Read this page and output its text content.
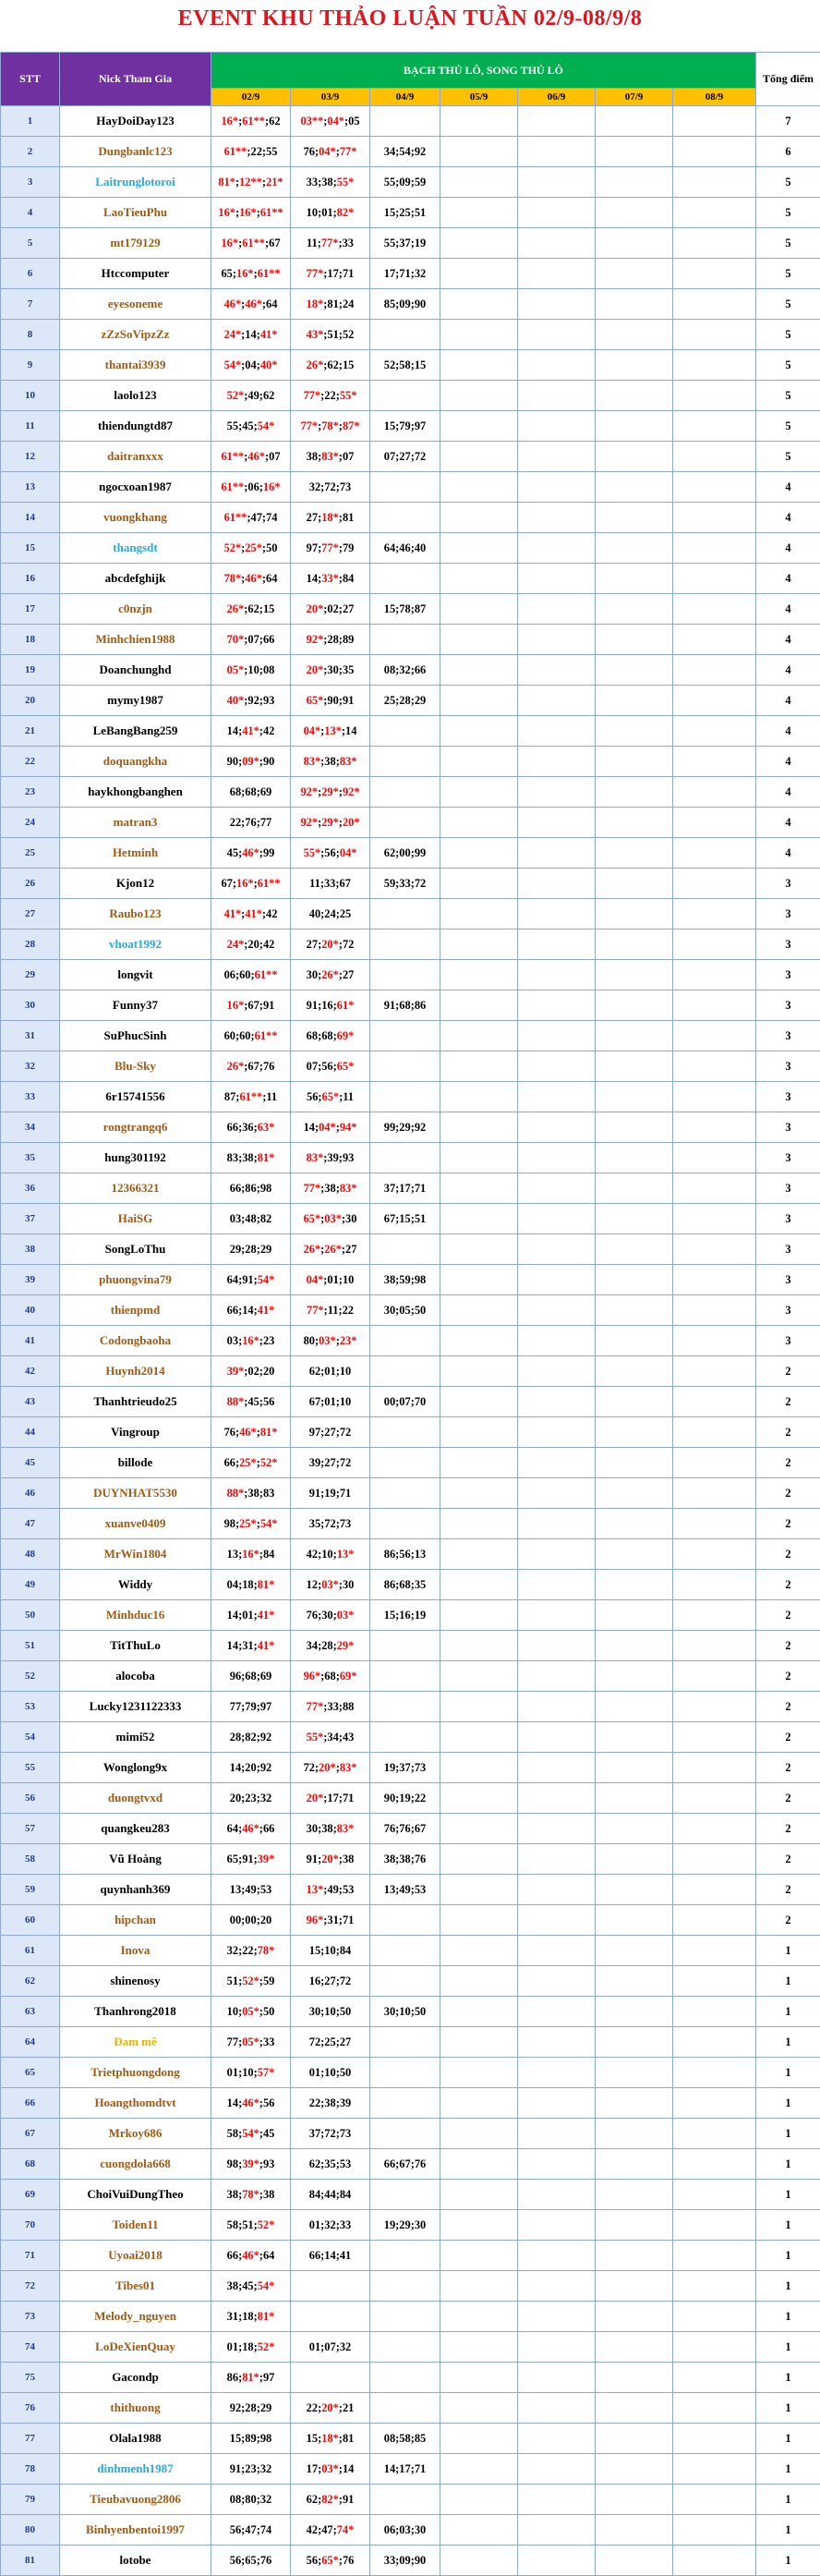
EVENT KHU THẢO LUẬN TUẦN 02/9-08/9/8
STT	Nick Tham Gia	BẠCH THỦ LÔ, SONG THỦ LÔ							Tổng điểm
		02/9	03/9	04/9	05/9	06/9	07/9	08/9	
1	HayDoiDay123	16*;61**;62	03**;04*;05						7
2	Dungbanlc123	61**;22;55	76;04*;77*	34;54;92					6
3	Laitrunglotoroi	81*;12**;21*	33;38;55*	55;09;59					5
4	LaoTieuPhu	16*;16*;61**	10;01;82*	15;25;51					5
5	mt179129	16*;61**;67	11;77*;33	55;37;19					5
6	Htccomputer	65;16*;61**	77*;17;71	17;71;32					5
7	eyesoneme	46*;46*;64	18*;81;24	85;09;90					5
8	zZzSoVipzZz	24*;14;41*	43*;51;52						5
9	thantai3939	54*;04;40*	26*;62;15	52;58;15					5
10	laolo123	52*;49;62	77*;22;55*						5
11	thiendungtd87	55;45;54*	77*;78*;87*	15;79;97					5
12	daitranxxx	61**;46*;07	38;83*;07	07;27;72					5
13	ngocxoan1987	61**;06;16*	32;72;73						4
14	vuongkhang	61**;47;74	27;18*;81						4
15	thangsdt	52*;25*;50	97;77*;79	64;46;40					4
16	abcdefghijk	78*;46*;64	14;33*;84						4
17	c0nzjn	26*;62;15	20*;02;27	15;78;87					4
18	Minhchien1988	70*;07;66	92*;28;89						4
19	Doanchunghd	05*;10;08	20*;30;35	08;32;66					4
20	mymy1987	40*;92;93	65*;90;91	25;28;29					4
21	LeBangBang259	14;41*;42	04*;13*;14						4
22	doquangkha	90;09*;90	83*;38;83*						4
23	haykhongbanghen	68;68;69	92*;29*;92*						4
24	matran3	22;76;77	92*;29*;20*						4
25	Hetminh	45;46*;99	55*;56;04*	62;00;99					4
26	Kjon12	67;16*;61**	11;33;67	59;33;72					3
27	Raubo123	41*;41*;42	40;24;25						3
28	vhoat1992	24*;20;42	27;20*;72						3
29	longvit	06;60;61**	30;26*;27						3
30	Funny37	16*;67;91	91;16;61*	91;68;86					3
31	SuPhucSinh	60;60;61**	68;68;69*						3
32	Blu-Sky	26*;67;76	07;56;65*						3
33	6r15741556	87;61**;11	56;65*;11						3
34	rongtrangq6	66;36;63*	14;04*;94*	99;29;92					3
35	hung301192	83;38;81*	83*;39;93						3
36	12366321	66;86;98	77*;38;83*	37;17;71					3
37	HaiSG	03;48;82	65*;03*;30	67;15;51					3
38	SongLoThu	29;28;29	26*;26*;27						3
39	phuongvina79	64;91;54*	04*;01;10	38;59;98					3
40	thienpmd	66;14;41*	77*;11;22	30;05;50					3
41	Codongbaoha	03;16*;23	80;03*;23*						3
42	Huynh2014	39*;02;20	62;01;10						2
43	Thanhtrieudo25	88*;45;56	67;01;10	00;07;70					2
44	Vingroup	76;46*;81*	97;27;72						2
45	billode	66;25*;52*	39;27;72						2
46	DUYNHAT5530	88*;38;83	91;19;71						2
47	xuanve0409	98;25*;54*	35;72;73						2
48	MrWin1804	13;16*;84	42;10;13*	86;56;13					2
49	Widdy	04;18;81*	12;03*;30	86;68;35					2
50	Minhduc16	14;01;41*	76;30;03*	15;16;19					2
51	TitThuLo	14;31;41*	34;28;29*						2
52	alocoba	96;68;69	96*;68;69*						2
53	Lucky1231122333	77;79;97	77*;33;88						2
54	mimi52	28;82;92	55*;34;43						2
55	Wonglong9x	14;20;92	72;20*;83*	19;37;73					2
56	duongtvxd	20;23;32	20*;17;71	90;19;22					2
57	quangkeu283	64;46*;66	30;38;83*	76;76;67					2
58	Vũ Hoàng	65;91;39*	91;20*;38	38;38;76					2
59	quynhanh369	13;49;53	13*;49;53	13;49;53					2
60	hipchan	00;00;20	96*;31;71						2
61	Inova	32;22;78*	15;10;84						1
62	shinenosy	51;52*;59	16;27;72						1
63	Thanhrong2018	10;05*;50	30;10;50	30;10;50					1
64	Đam mê	77;05*;33	72;25;27						1
65	Trietphuongdong	01;10;57*	01;10;50						1
66	Hoangthomdtvt	14;46*;56	22;38;39						1
67	Mrkoy686	58;54*;45	37;72;73						1
68	cuongdola668	98;39*;93	62;35;53	66;67;76					1
69	ChoiVuiDungTheo	38;78*;38	84;44;84						1
70	Toiden11	58;51;52*	01;32;33	19;29;30					1
71	Uyoai2018	66;46*;64	66;14;41						1
72	Tibes01	38;45;54*							1
73	Melody_nguyen	31;18;81*							1
74	LoDeXienQuay	01;18;52*	01;07;32						1
75	Gacondp	86;81*;97							1
76	thithuong	92;28;29	22;20*;21						1
77	Olala1988	15;89;98	15;18*;81	08;58;85					1
78	dinhmenh1987	91;23;32	17;03*;14	14;17;71					1
79	Tieubavuong2806	08;80;32	62;82*;91						1
80	Binhyenbentoi1997	56;47;74	42;47;74*	06;03;30					1
81	lotobe	56;65;76	56;65*;76	33;09;90					1
